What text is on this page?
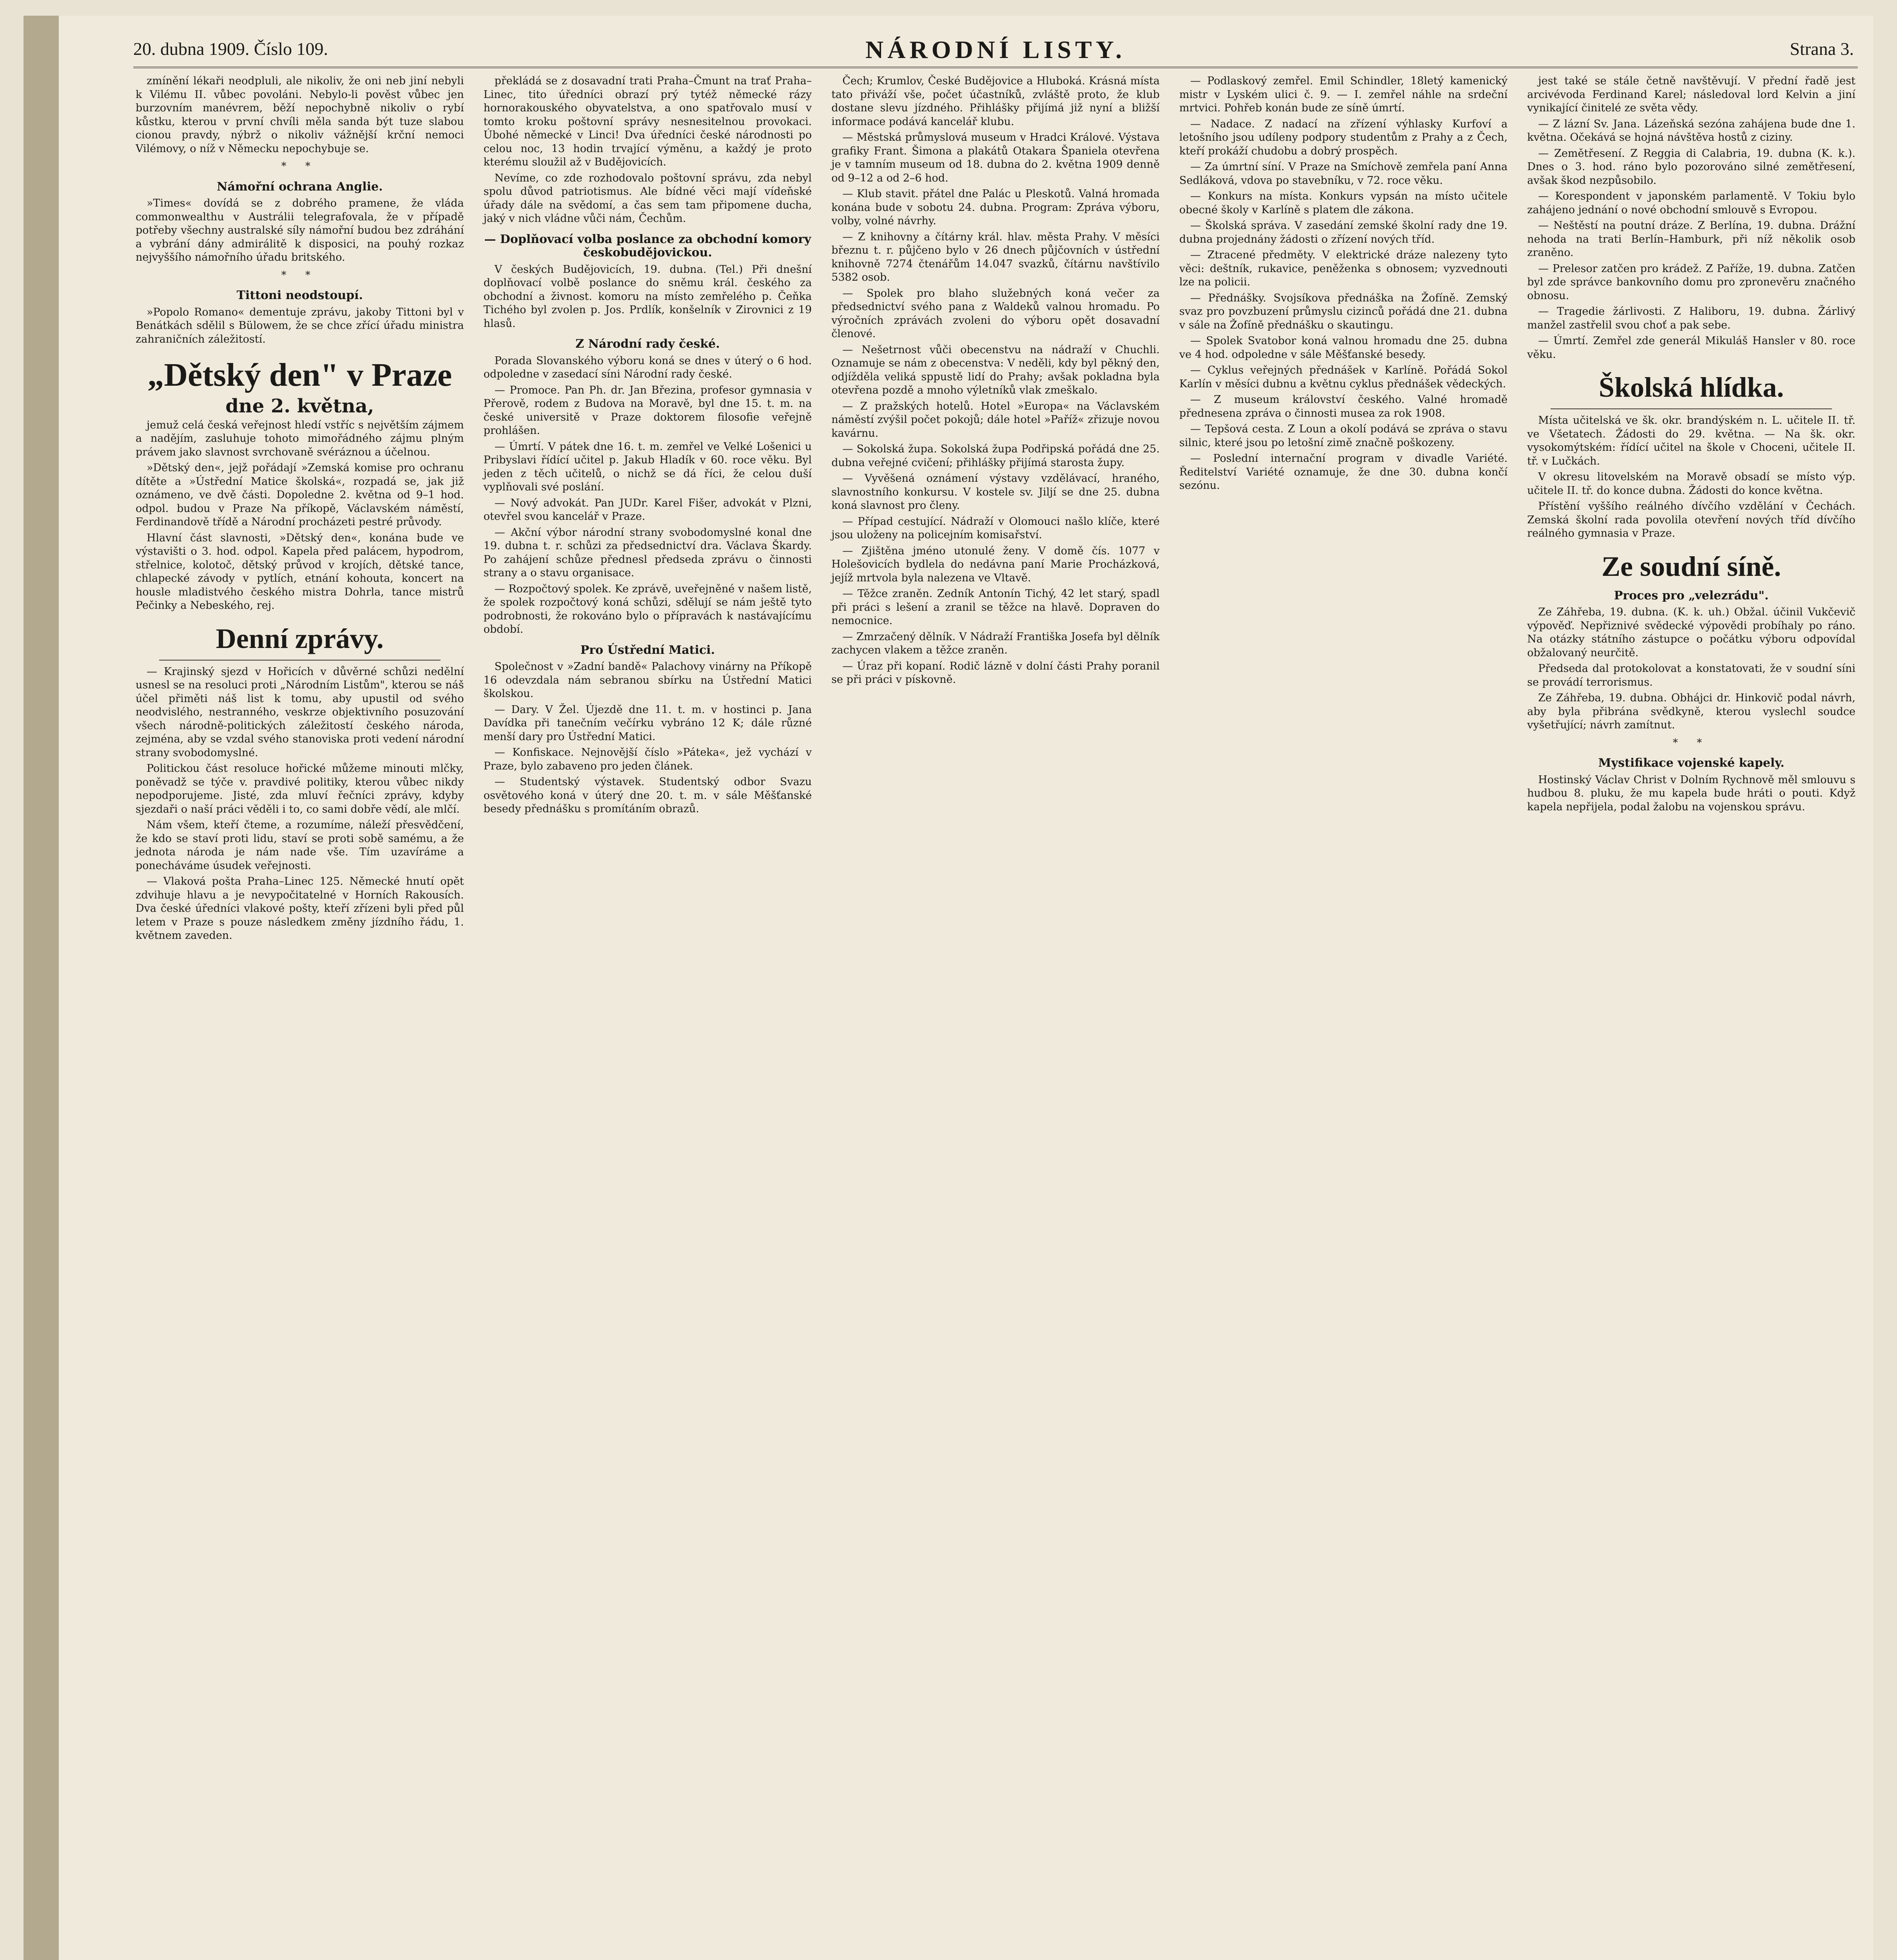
20. dubna 1909. Číslo 109.	NÁRODNÍ LISTY.	Strana 3.

zmínění lékaři neodpluli, ale nikoliv, že oni neb jiní nebyli k Vilému II. vůbec povoláni. Nebylo-li pověst vůbec jen burzovním manévrem, běží nepochybně nikoliv o rybí kůstku, kterou v první chvíli měla sanda být tuze slabou cionou pravdy, nýbrž o nikoliv vážnější krční nemoci Vilémovy, o níž v Německu nepochybuje se.

* *
Námořní ochrana Anglie.

»Times« dovídá se z dobrého pramene, že vláda commonwealthu v Austrálii telegrafovala, že v případě potřeby všechny australské síly námořní budou bez zdráhání a vybrání dány admirálitě k disposici, na pouhý rozkaz nejvyššího námořního úřadu britského.

* *
Tittoni neodstoupí.

»Popolo Romano« dementuje zprávu, jakoby Tittoni byl v Benátkách sdělil s Bülowem, že se chce zřící úřadu ministra zahraničních záležitostí.

„Dětský den" v Praze
dne 2. května,

jemuž celá česká veřejnost hledí vstříc s největším zájmem a nadějím, zasluhuje tohoto mimořádného zájmu plným právem jako slavnost svrchovaně svéráznou a účelnou.

»Dětský den«, jejž pořádají »Zemská komise pro ochranu dítěte a »Ústřední Matice školská«, rozpadá se, jak již oznámeno, ve dvě části. Dopoledne 2. května od 9–1 hod. odpol. budou v Praze Na příkopě, Václavském náměstí, Ferdinandově třídě a Národní procházeti pestré průvody.

Hlavní část slavnosti, »Dětský den«, konána bude ve výstavišti o 3. hod. odpol. Kapela před palácem, hypodrom, střelnice, kolotoč, dětský průvod v krojích, dětské tance, chlapecké závody v pytlích, etnání kohouta, koncert na housle mladistvého českého mistra Dohrla, tance mistrů Pečinky a Nebeského, rej.

Denní zprávy.

— Krajinský sjezd v Hořicích v důvěrné schůzi nedělní usnesl se na resoluci proti „Národním Listům", kterou se náš účel přiměti náš list k tomu, aby upustil od svého neodvislého, nestranného, veskrze objektivního posuzování všech národně-politických záležitostí českého národa, zejména, aby se vzdal svého stanoviska proti vedení národní strany svobodomyslné.

Politickou část resoluce hořické můžeme minouti mlčky, poněvadž se týče v. pravdivé politiky, kterou vůbec nikdy nepodporujeme. Jisté, zda mluví řečníci zprávy, kdyby sjezdaři o naší práci věděli i to, co sami dobře vědí, ale mlčí.

Nám všem, kteří čteme, a rozumíme, náleží přesvědčení, že kdo se staví proti lidu, staví se proti sobě samému, a že jednota národa je nám nade vše. Tím uzavíráme a ponecháváme úsudek veřejnosti.

— Vlaková pošta Praha–Linec 125. Německé hnutí opět zdvihuje hlavu a je nevypočitatelné v Horních Rakousích. Dva české úředníci vlakové pošty, kteří zřízeni byli před půl letem v Praze s pouze následkem změny jízdního řádu, 1. květnem zaveden.

překládá se z dosavadní trati Praha–Čmunt na trať Praha–Linec, tito úředníci obrazí prý tytéž německé rázy hornorakouského obyvatelstva, a ono spatřovalo musí v tomto kroku poštovní správy nesnesitelnou provokaci. Úbohé německé v Linci! Dva úředníci české národnosti po celou noc, 13 hodin trvající výměnu, a každý je proto kterému sloužil až v Budějovicích.

Nevíme, co zde rozhodovalo poštovní správu, zda nebyl spolu důvod patriotismus. Ale bídné věci mají vídeňské úřady dále na svědomí, a čas sem tam připomene ducha, jaký v nich vládne vůči nám, Čechům.

— Doplňovací volba poslance za obchodní komory českobudějovickou.

V českých Budějovicích, 19. dubna. (Tel.) Při dnešní doplňovací volbě poslance do sněmu král. českého za obchodní a živnost. komoru na místo zemřelého p. Čeňka Tichého byl zvolen p. Jos. Prdlík, konšelník v Zirovnici z 19 hlasů.

Z Národní rady české.

Porada Slovanského výboru koná se dnes v úterý o 6 hod. odpoledne v zasedací síni Národní rady české.

— Promoce. Pan Ph. dr. Jan Březina, profesor gymnasia v Přerově, rodem z Budova na Moravě, byl dne 15. t. m. na české universitě v Praze doktorem filosofie veřejně prohlášen.

— Úmrtí. V pátek dne 16. t. m. zemřel ve Velké Lošenici u Pribyslavi řídící učitel p. Jakub Hladík v 60. roce věku. Byl jeden z těch učitelů, o nichž se dá říci, že celou duší vyplňovali své poslání.

— Nový advokát. Pan JUDr. Karel Fišer, advokát v Plzni, otevřel svou kancelář v Praze.

— Akční výbor národní strany svobodomyslné konal dne 19. dubna t. r. schůzi za předsednictví dra. Václava Škardy. Po zahájení schůze přednesl předseda zprávu o činnosti strany a o stavu organisace.

— Rozpočtový spolek. Ke zprávě, uveřejněné v našem listě, že spolek rozpočtový koná schůzi, sdělují se nám ještě tyto podrobnosti, že rokováno bylo o přípravách k nastávajícímu období.

Pro Ústřední Matici.

Společnost v »Zadní bandě« Palachovy vinárny na Příkopě 16 odevzdala nám sebranou sbírku na Ústřední Matici školskou.

— Dary. V Žel. Újezdě dne 11. t. m. v hostinci p. Jana Davídka při tanečním večírku vybráno 12 K; dále různé menší dary pro Ústřední Matici.

— Konfiskace. Nejnovější číslo »Páteka«, jež vychází v Praze, bylo zabaveno pro jeden článek.

— Studentský výstavek. Studentský odbor Svazu osvětového koná v úterý dne 20. t. m. v sále Měšťanské besedy přednášku s promítáním obrazů.

Čech; Krumlov, České Budějovice a Hluboká. Krásná místa tato přiváží vše, počet účastníků, zvláště proto, že klub dostane slevu jízdného. Přihlášky přijímá již nyní a bližší informace podává kancelář klubu.

— Městská průmyslová museum v Hradci Králové. Výstava grafiky Frant. Šimona a plakátů Otakara Španiela otevřena je v tamním museum od 18. dubna do 2. května 1909 denně od 9–12 a od 2–6 hod.

— Klub stavit. přátel dne Palác u Pleskotů. Valná hromada konána bude v sobotu 24. dubna. Program: Zpráva výboru, volby, volné návrhy.

— Z knihovny a čítárny král. hlav. města Prahy. V měsíci březnu t. r. půjčeno bylo v 26 dnech půjčovních v ústřední knihovně 7274 čtenářům 14.047 svazků, čítárnu navštívilo 5382 osob.

— Spolek pro blaho služebných koná večer za předsednictví svého pana z Waldeků valnou hromadu. Po výročních zprávách zvoleni do výboru opět dosavadní členové.

— Nešetrnost vůči obecenstvu na nádraží v Chuchli. Oznamuje se nám z obecenstva: V neděli, kdy byl pěkný den, odjížděla veliká sppustě lidí do Prahy; avšak pokladna byla otevřena pozdě a mnoho výletníků vlak zmeškalo.

— Z pražských hotelů. Hotel »Europa« na Václavském náměstí zvýšil počet pokojů; dále hotel »Paříž« zřizuje novou kavárnu.

— Sokolská župa. Sokolská župa Podřipská pořádá dne 25. dubna veřejné cvičení; přihlášky přijímá starosta župy.

— Vyvěšená oznámení výstavy vzdělávací, hraného, slavnostního konkursu. V kostele sv. Jiljí se dne 25. dubna koná slavnost pro členy.

— Případ cestující. Nádraží v Olomouci našlo klíče, které jsou uloženy na policejním komisařství.

— Zjištěna jméno utonulé ženy. V domě čís. 1077 v Holešovicích bydlela do nedávna paní Marie Procházková, jejíž mrtvola byla nalezena ve Vltavě.

— Těžce zraněn. Zedník Antonín Tichý, 42 let starý, spadl při práci s lešení a zranil se těžce na hlavě. Dopraven do nemocnice.

— Zmrzačený dělník. V Nádraží Františka Josefa byl dělník zachycen vlakem a těžce zraněn.

— Úraz při kopaní. Rodič lázně v dolní části Prahy poranil se při práci v pískovně.

— Podlaskový zemřel. Emil Schindler, 18letý kamenický mistr v Lyském ulici č. 9. — I. zemřel náhle na srdeční mrtvici. Pohřeb konán bude ze síně úmrtí.

— Nadace. Z nadací na zřízení výhlasky Kurfoví a letošního jsou udíleny podpory studentům z Prahy a z Čech, kteří prokáží chudobu a dobrý prospěch.

— Za úmrtní síní. V Praze na Smíchově zemřela paní Anna Sedláková, vdova po stavebníku, v 72. roce věku.

— Konkurs na místa. Konkurs vypsán na místo učitele obecné školy v Karlíně s platem dle zákona.

— Školská správa. V zasedání zemské školní rady dne 19. dubna projednány žádosti o zřízení nových tříd.

— Ztracené předměty. V elektrické dráze nalezeny tyto věci: deštník, rukavice, peněženka s obnosem; vyzvednouti lze na policii.

— Přednášky. Svojsíkova přednáška na Žofíně. Zemský svaz pro povzbuzení průmyslu cizinců pořádá dne 21. dubna v sále na Žofíně přednášku o skautingu.

— Spolek Svatobor koná valnou hromadu dne 25. dubna ve 4 hod. odpoledne v sále Měšťanské besedy.

— Cyklus veřejných přednášek v Karlíně. Pořádá Sokol Karlín v měsíci dubnu a květnu cyklus přednášek vědeckých.

— Z museum království českého. Valné hromadě přednesena zpráva o činnosti musea za rok 1908.

— Tepšová cesta. Z Loun a okolí podává se zpráva o stavu silnic, které jsou po letošní zimě značně poškozeny.

— Poslední internační program v divadle Variété. Ředitelství Variété oznamuje, že dne 30. dubna končí sezónu.

jest také se stále četně navštěvují. V přední řadě jest arcivévoda Ferdinand Karel; následoval lord Kelvin a jiní vynikající činitelé ze světa vědy.

— Z lázní Sv. Jana. Lázeňská sezóna zahájena bude dne 1. května. Očekává se hojná návštěva hostů z ciziny.

— Zemětřesení. Z Reggia di Calabria, 19. dubna (K. k.). Dnes o 3. hod. ráno bylo pozorováno silné zemětřesení, avšak škod nezpůsobilo.

— Korespondent v japonském parlamentě. V Tokiu bylo zahájeno jednání o nové obchodní smlouvě s Evropou.

— Neštěstí na poutní dráze. Z Berlína, 19. dubna. Drážní nehoda na trati Berlín–Hamburk, při níž několik osob zraněno.

— Prelesor zatčen pro krádež. Z Paříže, 19. dubna. Zatčen byl zde správce bankovního domu pro zpronevěru značného obnosu.

— Tragedie žárlivosti. Z Haliboru, 19. dubna. Žárlivý manžel zastřelil svou choť a pak sebe.

— Úmrtí. Zemřel zde generál Mikuláš Hansler v 80. roce věku.

Školská hlídka.

Místa učitelská ve šk. okr. brandýském n. L. učitele II. tř. ve Všetatech. Žádosti do 29. května. — Na šk. okr. vysokomýtském: řídící učitel na škole v Choceni, učitele II. tř. v Lučkách.

V okresu litovelském na Moravě obsadí se místo výp. učitele II. tř. do konce dubna. Žádosti do konce května.

Přístění vyššího reálného dívčího vzdělání v Čechách. Zemská školní rada povolila otevření nových tříd dívčího reálného gymnasia v Praze.

Ze soudní síně.
Proces pro „velezrádu".

Ze Záhřeba, 19. dubna. (K. k. uh.) Obžal. účinil Vukčevič výpověď. Nepřiznivé svědecké výpovědi probíhaly po ráno. Na otázky státního zástupce o počátku výboru odpovídal obžalovaný neurčitě.

Předseda dal protokolovat a konstatovati, že v soudní síni se provádí terrorismus.

Ze Záhřeba, 19. dubna. Obhájci dr. Hinkovič podal návrh, aby byla přibrána svědkyně, kterou vyslechl soudce vyšetřující; návrh zamítnut.

* *
Mystifikace vojenské kapely.

Hostinský Václav Christ v Dolním Rychnově měl smlouvu s hudbou 8. pluku, že mu kapela bude hráti o pouti. Když kapela nepřijela, podal žalobu na vojenskou správu.
